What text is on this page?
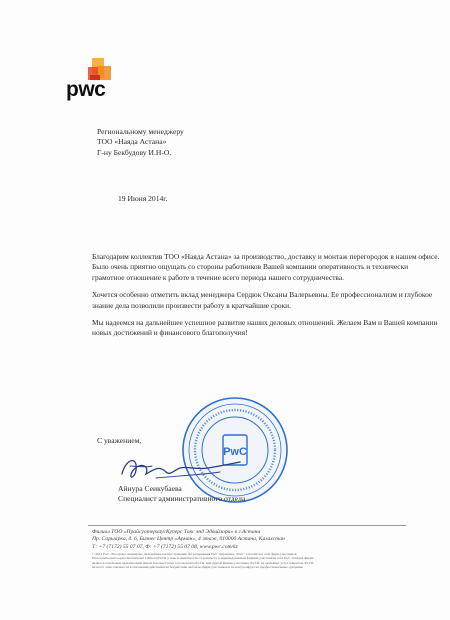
pwc
Региональному менеджеру
ТОО «Наяда Астана»
Г-ну Бекбудову И.Н-О.
19 Июня 2014г.

Благодарим коллектив ТОО «Наяда Астана» за производство, доставку и монтаж перегородок в нашем офисе. Было очень приятно ощущать со стороны работников Вашей компании оперативность и технически грамотное отношение к работе в течение всего периода нашего сотрудничества.

Хочется особенно отметить вклад менеджера Сердюк Оксаны Валерьевны. Ее профессионализм и глубокое знание дела позволили произвести работу в кратчайшие сроки.

Мы надеемся на дальнейшее успешное развитие наших деловых отношений. Желаем Вам и Вашей компании новых достижений и финансового благополучия!

С уважением,
PwC
Айнура Сеикубаева
Специалист административного отдела
Филиал ТОО «ПрайсуотерхаусКуперс Такс энд Эдвайзори» в г.Астана
Пр. Сарыарка, д. 6, Бизнес Центр «Арман», 4 этаж, 010000 Астана, Казахстан
Т: +7 (7172) 55 07 07, Ф: +7 (7172) 55 07 08, www.pwc.com/kz
© 2012 PwC. Все права защищены. Дальнейшее распространение без разрешения PwC запрещено. "PwC" относится к сети фирм-участников
PricewaterhouseCoopers International Limited (PwCIL), или, в зависимости от контекста, к индивидуальным фирмам-участникам сети PwC. Каждая фирма
является отдельным юридическим лицом и не выступает в роли агента PwCIL или другой фирмы-участника. PwCIL не оказывает услуг клиентам. PwCIL
не несет ответственности в отношении действий или бездействия любой из фирм-участников и не контролирует их профессиональные суждения.
